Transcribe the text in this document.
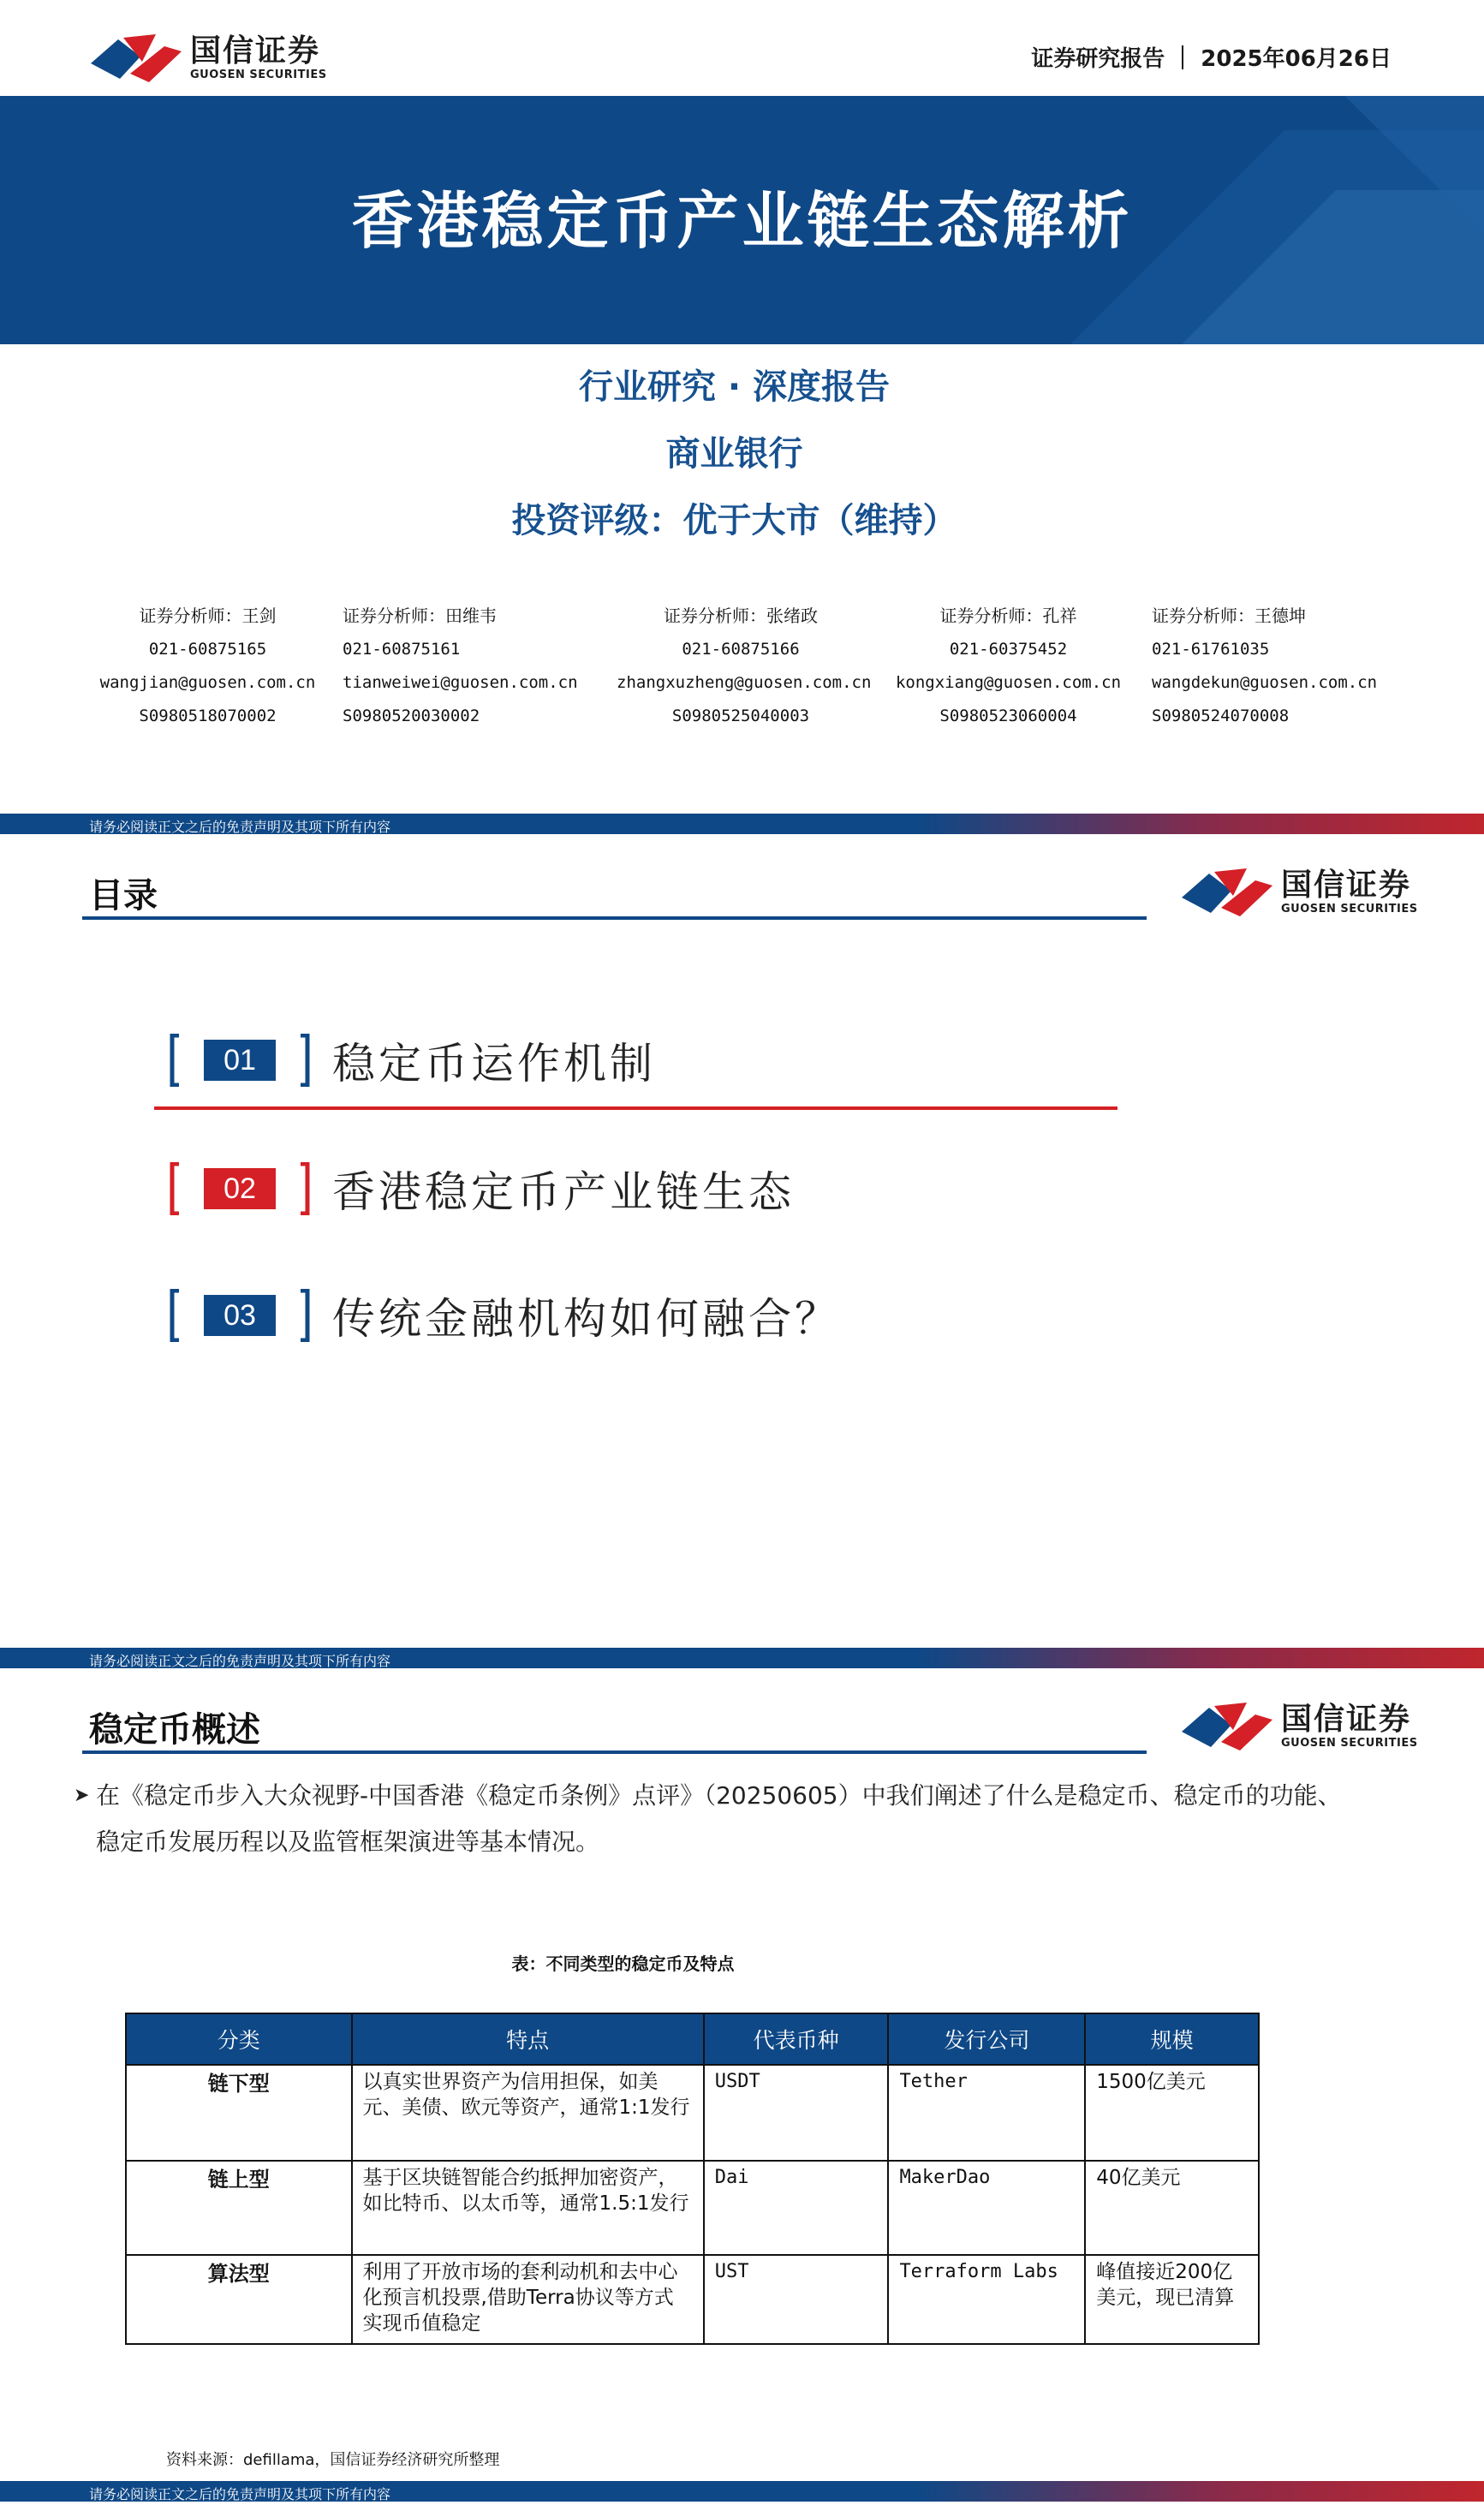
国信证券
GUOSEN SECURITIES
证券研究报告 2025年06月26日
香港稳定币产业链生态解析
行业研究 · 深度报告
商业银行
投资评级：优于大市（维持）
证券分析师：王剑
021-60875165
wangjian@guosen.com.cn
S0980518070002
证券分析师：田维韦
021-60875161
tianweiwei@guosen.com.cn
S0980520030002
证券分析师：张绪政
021-60875166
zhangxuzheng@guosen.com.cn
S0980525040003
证券分析师：孔祥
021-60375452
kongxiang@guosen.com.cn
S0980523060004
证券分析师：王德坤
021-61761035
wangdekun@guosen.com.cn
S0980524070008
请务必阅读正文之后的免责声明及其项下所有内容
目录	国信证券
GUOSEN SECURITIES
01	稳定币运作机制
02	香港稳定币产业链生态
03	传统金融机构如何融合？
请务必阅读正文之后的免责声明及其项下所有内容
稳定币概述	国信证券
GUOSEN SECURITIES
➤ 在《稳定币步入大众视野-中国香港《稳定币条例》点评》（20250605）中我们阐述了什么是稳定币、稳定币的功能、
稳定币发展历程以及监管框架演进等基本情况。
表：不同类型的稳定币及特点
分类	特点	代表币种	发行公司	规模
链下型	以真实世界资产为信用担保，如美元、美债、欧元等资产，通常1:1发行	USDT	Tether	1500亿美元
链上型	基于区块链智能合约抵押加密资产，如比特币、以太币等，通常1.5:1发行	Dai	MakerDao	40亿美元
算法型	利用了开放市场的套利动机和去中心化预言机投票,借助Terra协议等方式实现币值稳定	UST	Terraform Labs	峰值接近200亿美元，现已清算
资料来源：defillama，国信证券经济研究所整理
请务必阅读正文之后的免责声明及其项下所有内容
